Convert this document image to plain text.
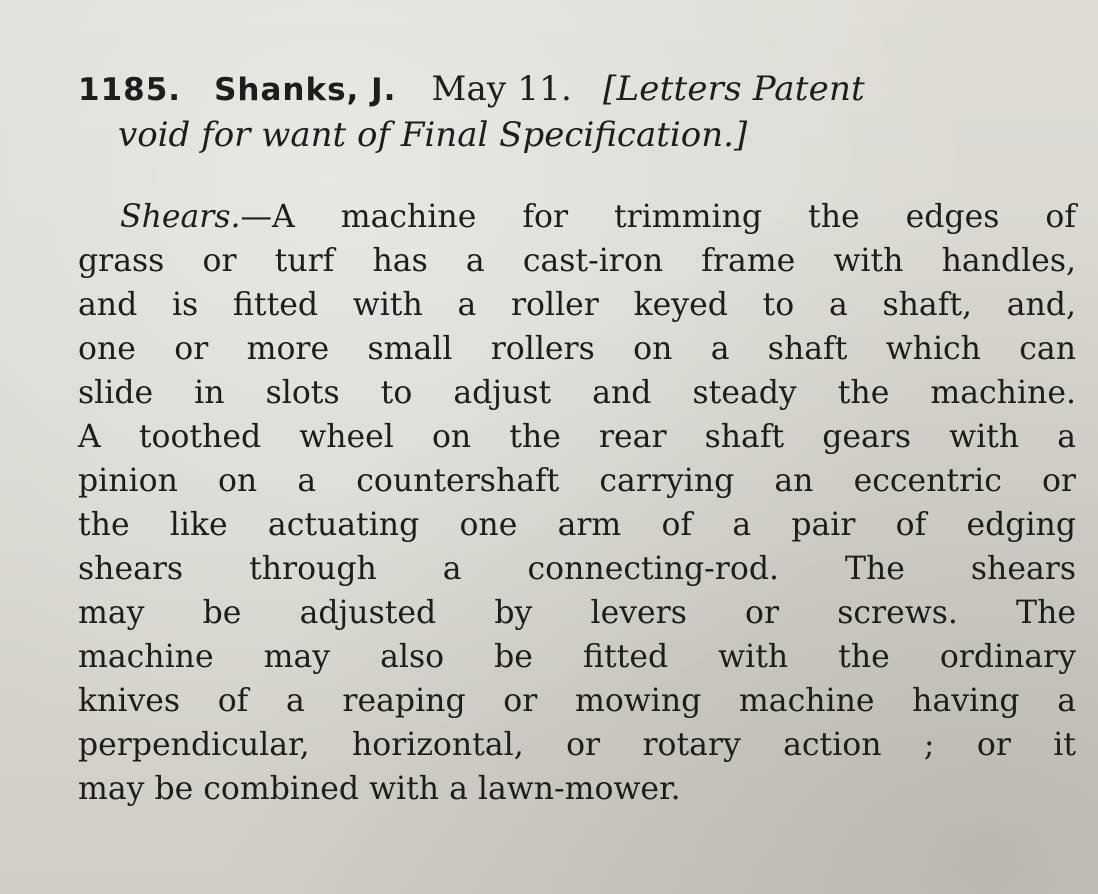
1185. Shanks, J. May 11. [Letters Patent
void for want of Final Specification.]
Shears.—A machine for trimming the edges of
grass or turf has a cast-iron frame with handles,
and is fitted with a roller keyed to a shaft, and,
one or more small rollers on a shaft which can
slide in slots to adjust and steady the machine.
A toothed wheel on the rear shaft gears with a
pinion on a countershaft carrying an eccentric or
the like actuating one arm of a pair of edging
shears through a connecting-rod. The shears
may be adjusted by levers or screws. The
machine may also be fitted with the ordinary
knives of a reaping or mowing machine having a
perpendicular, horizontal, or rotary action ; or it
may be combined with a lawn-mower.
